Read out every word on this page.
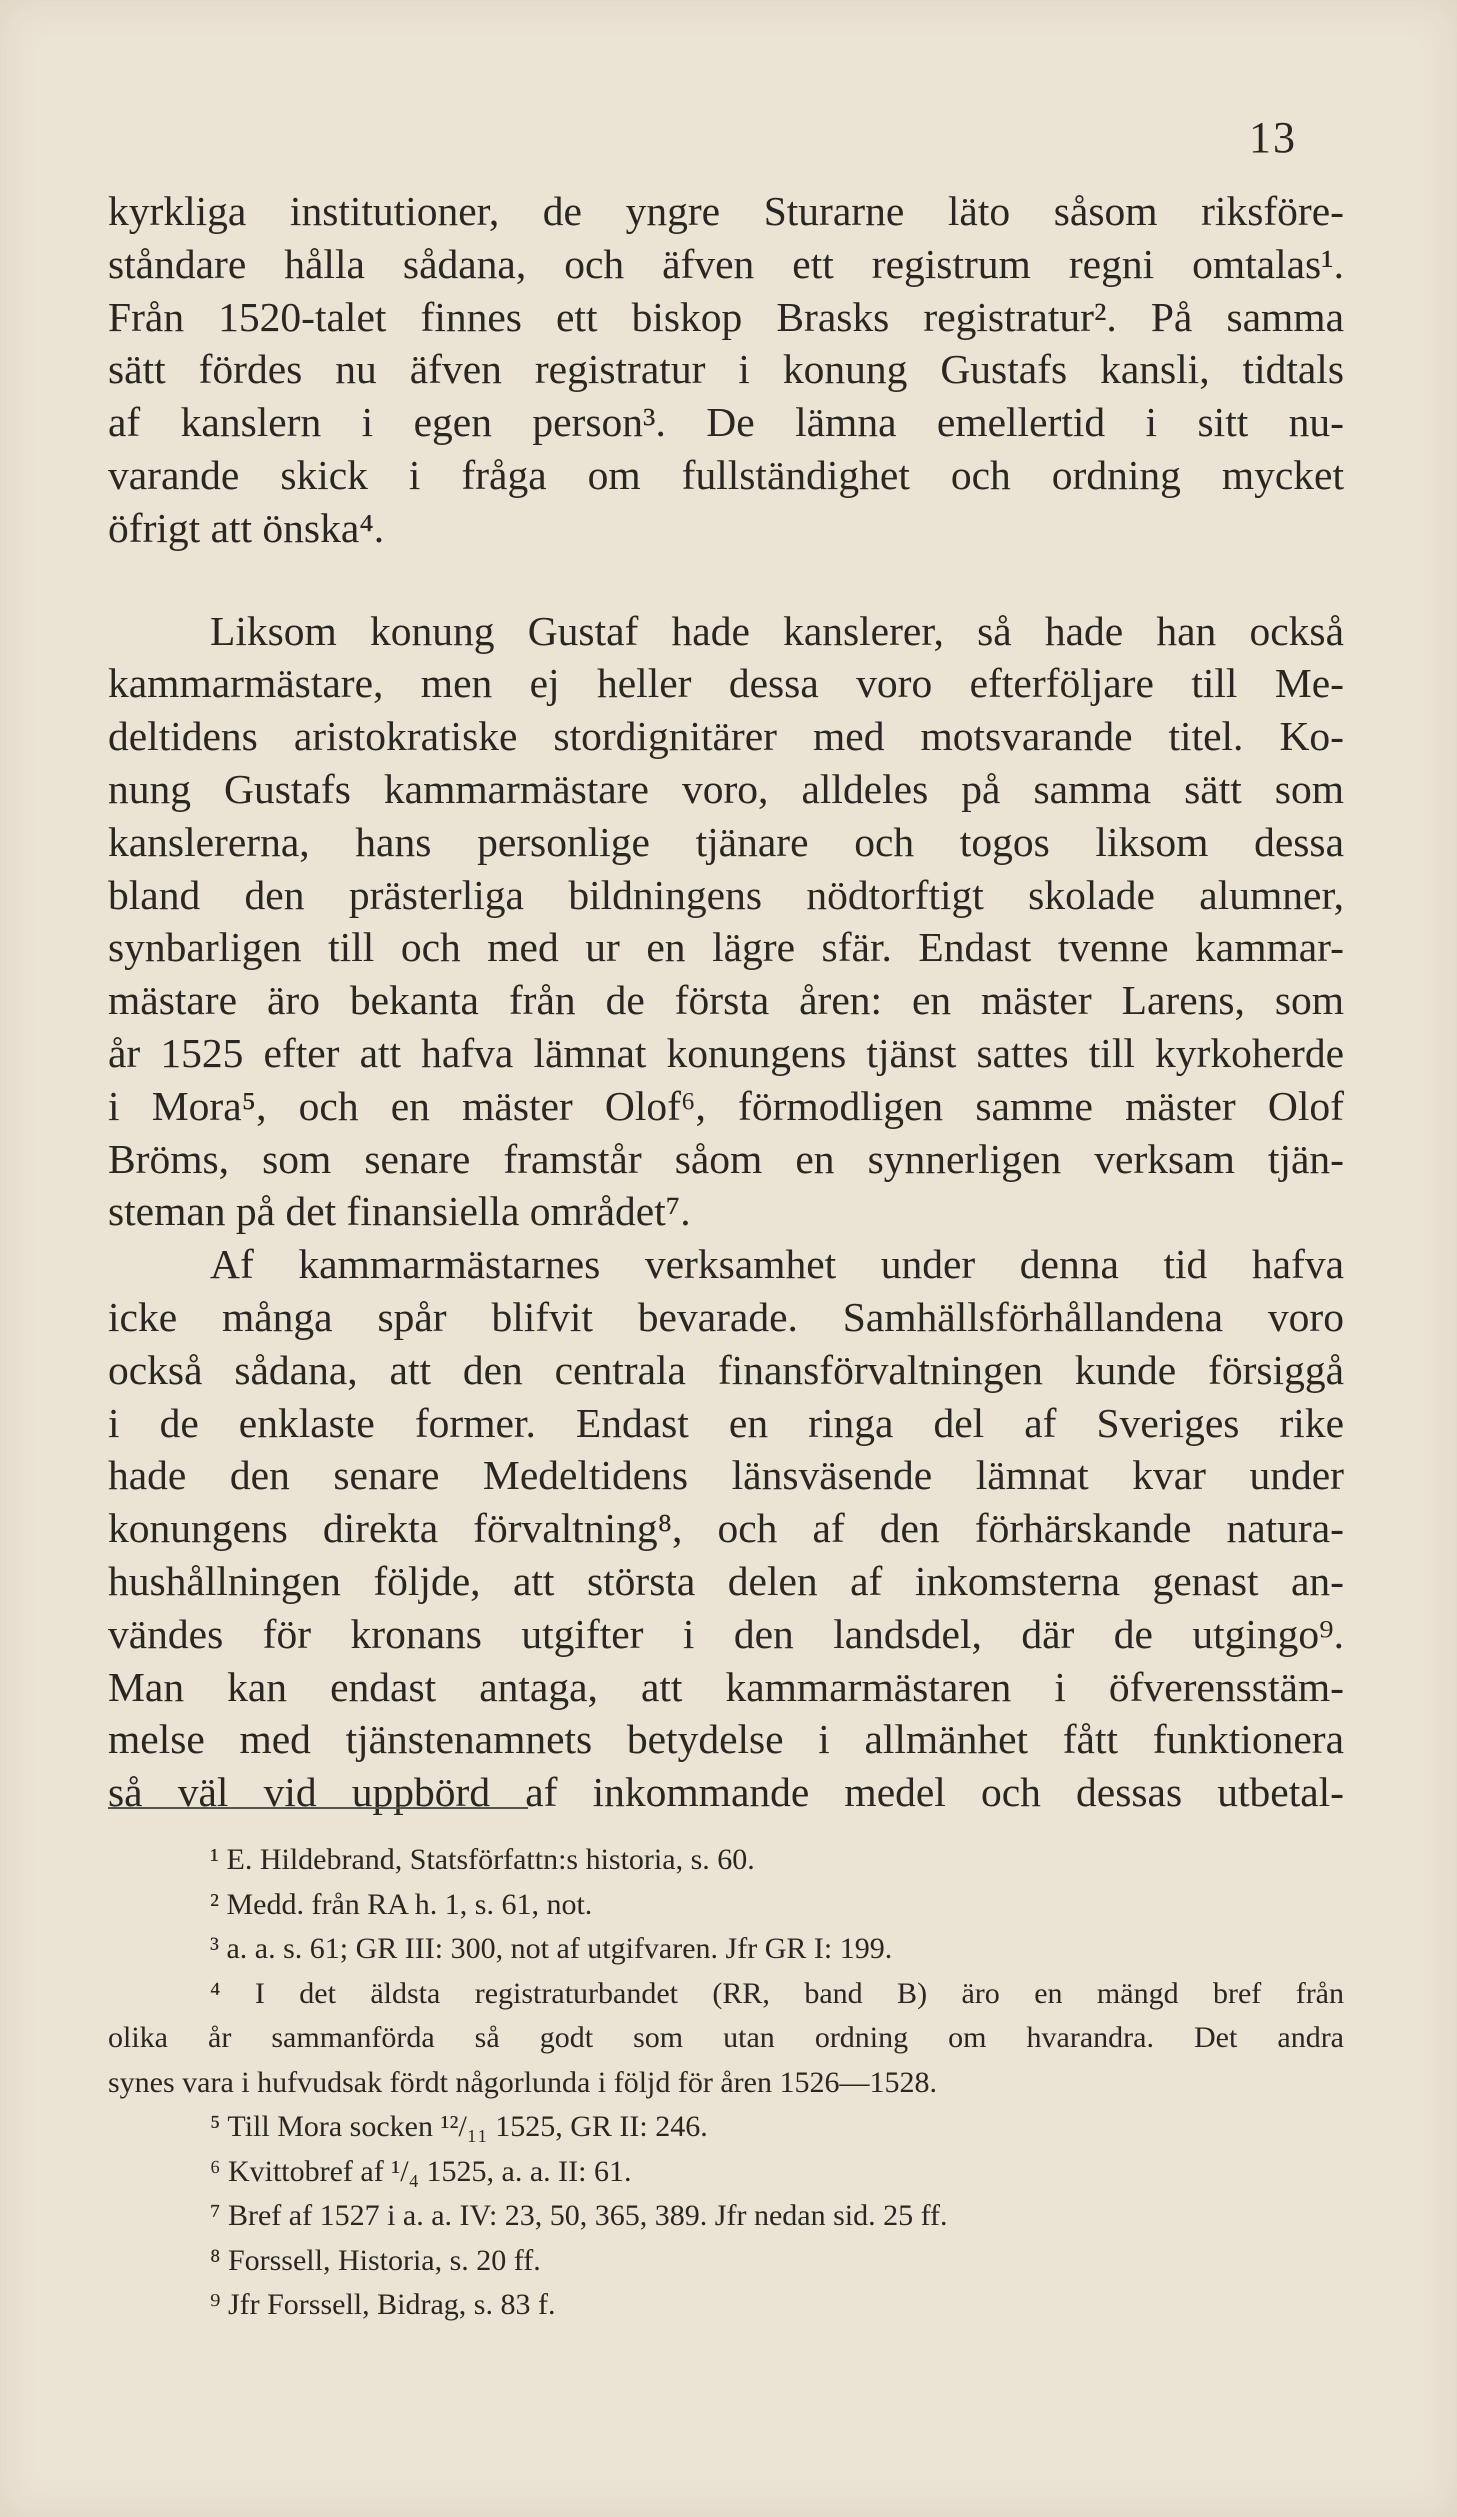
13
kyrkliga institutioner, de yngre Sturarne läto såsom riksföre-
ståndare hålla sådana, och äfven ett registrum regni omtalas¹.
Från 1520-talet finnes ett biskop Brasks registratur². På samma
sätt fördes nu äfven registratur i konung Gustafs kansli, tidtals
af kanslern i egen person³. De lämna emellertid i sitt nu-
varande skick i fråga om fullständighet och ordning mycket
öfrigt att önska⁴.
Liksom konung Gustaf hade kanslerer, så hade han också
kammarmästare, men ej heller dessa voro efterföljare till Me-
deltidens aristokratiske stordignitärer med motsvarande titel. Ko-
nung Gustafs kammarmästare voro, alldeles på samma sätt som
kanslererna, hans personlige tjänare och togos liksom dessa
bland den prästerliga bildningens nödtorftigt skolade alumner,
synbarligen till och med ur en lägre sfär. Endast tvenne kammar-
mästare äro bekanta från de första åren: en mäster Larens, som
år 1525 efter att hafva lämnat konungens tjänst sattes till kyrkoherde
i Mora⁵, och en mäster Olof⁶, förmodligen samme mäster Olof
Bröms, som senare framstår såom en synnerligen verksam tjän-
steman på det finansiella området⁷.
Af kammarmästarnes verksamhet under denna tid hafva
icke många spår blifvit bevarade. Samhällsförhållandena voro
också sådana, att den centrala finansförvaltningen kunde försiggå
i de enklaste former. Endast en ringa del af Sveriges rike
hade den senare Medeltidens länsväsende lämnat kvar under
konungens direkta förvaltning⁸, och af den förhärskande natura-
hushållningen följde, att största delen af inkomsterna genast an-
vändes för kronans utgifter i den landsdel, där de utgingo⁹.
Man kan endast antaga, att kammarmästaren i öfverensstäm-
melse med tjänstenamnets betydelse i allmänhet fått funktionera
så väl vid uppbörd af inkommande medel och dessas utbetal-
¹ E. Hildebrand, Statsförfattn:s historia, s. 60.
² Medd. från RA h. 1, s. 61, not.
³ a. a. s. 61; GR III: 300, not af utgifvaren. Jfr GR I: 199.
⁴ I det äldsta registraturbandet (RR, band B) äro en mängd bref från
olika år sammanförda så godt som utan ordning om hvarandra. Det andra
synes vara i hufvudsak fördt någorlunda i följd för åren 1526—1528.
⁵ Till Mora socken ¹²/₁₁ 1525, GR II: 246.
⁶ Kvittobref af ¹/₄ 1525, a. a. II: 61.
⁷ Bref af 1527 i a. a. IV: 23, 50, 365, 389. Jfr nedan sid. 25 ff.
⁸ Forssell, Historia, s. 20 ff.
⁹ Jfr Forssell, Bidrag, s. 83 f.
